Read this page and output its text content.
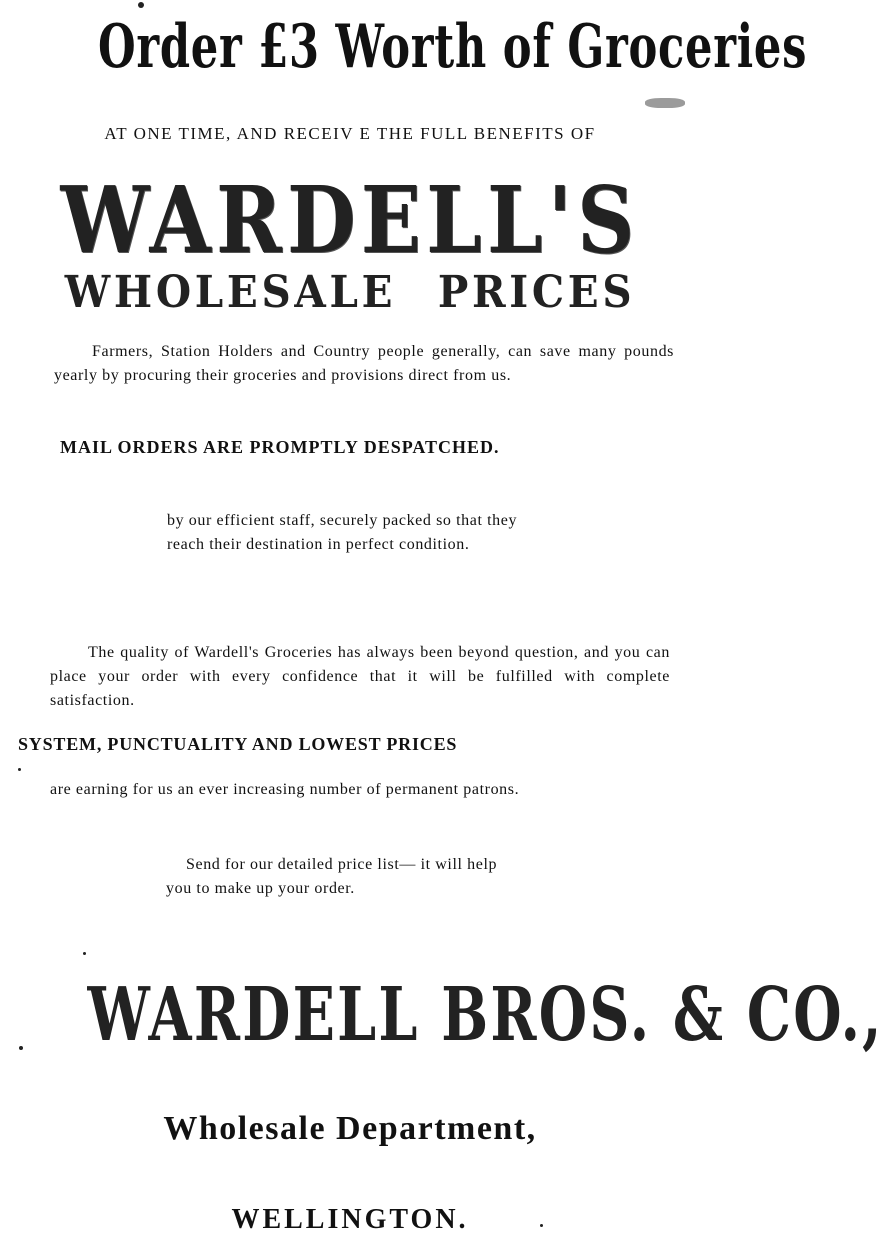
Order £3 Worth of Groceries
AT ONE TIME, AND RECEIV E THE FULL BENEFITS OF
WARDELL'S
WHOLESALE PRICES
Farmers, Station Holders and Country people generally, can save many pounds yearly by procuring their groceries and provisions direct from us.
MAIL ORDERS ARE PROMPTLY DESPATCHED.
by our efficient staff, securely packed so that they reach their destination in perfect condition.
The quality of Wardell's Groceries has always been beyond question, and you can place your order with every confidence that it will be fulfilled with complete satisfaction.
SYSTEM, PUNCTUALITY AND LOWEST PRICES
are earning for us an ever increasing number of permanent patrons.
Send for our detailed price list— it will help you to make up your order.
WARDELL BROS. & CO.,
Wholesale Department,
WELLINGTON.
